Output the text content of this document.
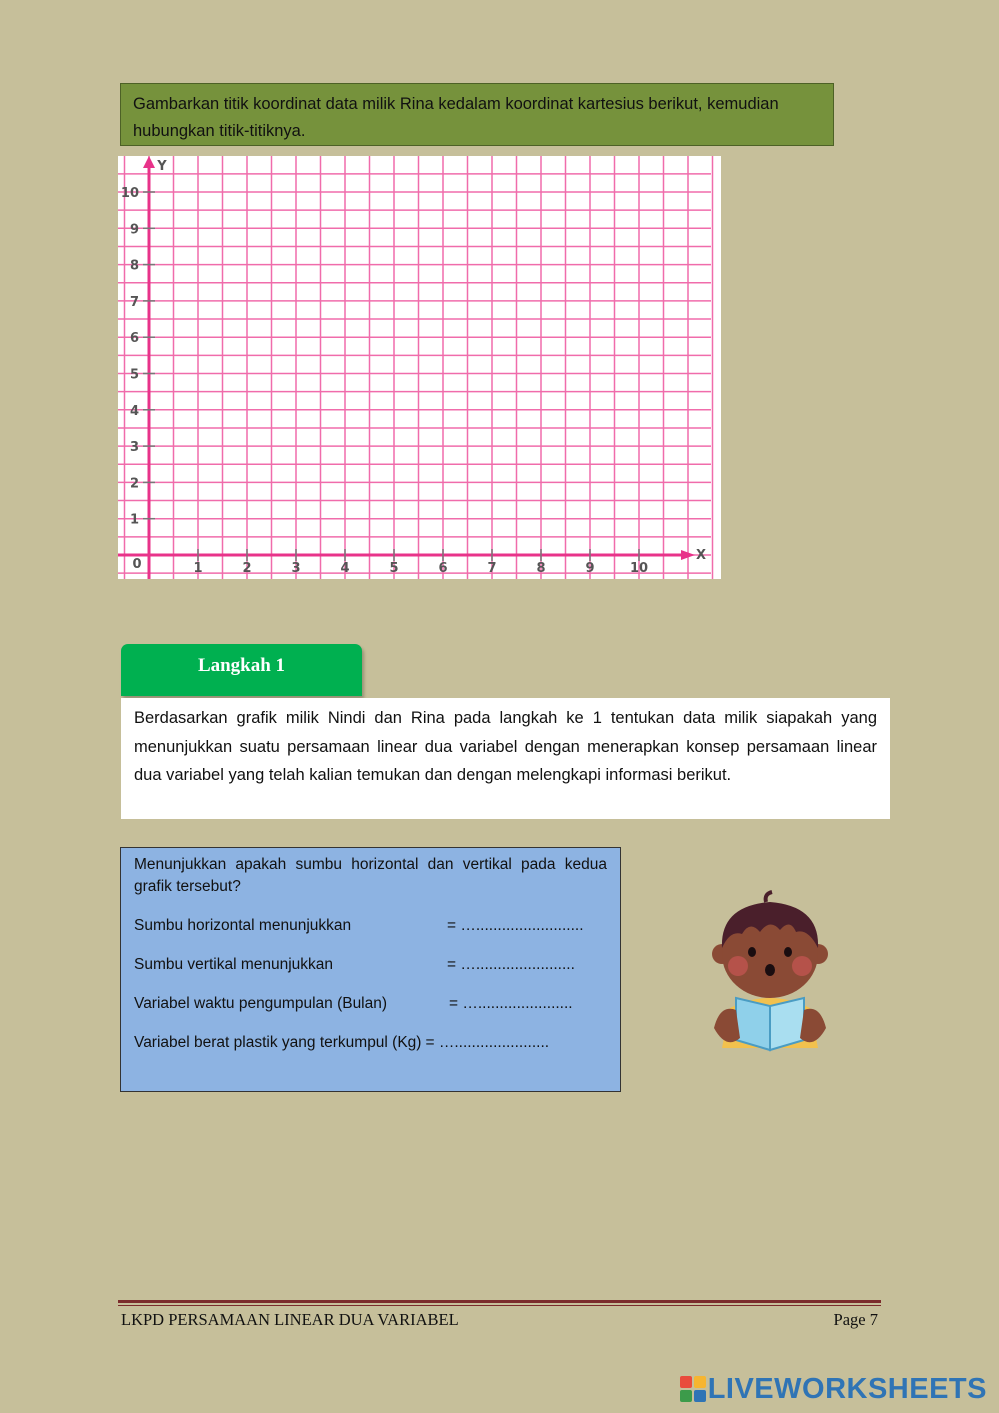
Gambarkan titik koordinat data milik Rina kedalam koordinat kartesius berikut, kemudian hubungkan titik-titiknya.
Y
X
0	1	2	3	4	5	6	7	8	9	10
1
2
3
4
5
6
7
8
9
10
Langkah 1
Berdasarkan grafik milik Nindi dan Rina pada langkah ke 1 tentukan data milik siapakah yang menunjukkan suatu persamaan linear dua variabel dengan menerapkan konsep persamaan linear dua variabel yang telah kalian temukan dan dengan melengkapi informasi berikut.
Menunjukkan apakah sumbu horizontal dan vertikal pada kedua grafik tersebut?
Sumbu horizontal menunjukkan	= ….........................
Sumbu vertikal menunjukkan	= ….......................
Variabel waktu pengumpulan (Bulan)	= …......................
Variabel berat plastik yang terkumpul (Kg) = …......................
LKPD PERSAMAAN LINEAR DUA VARIABEL	Page 7
LIVEWORKSHEETS
